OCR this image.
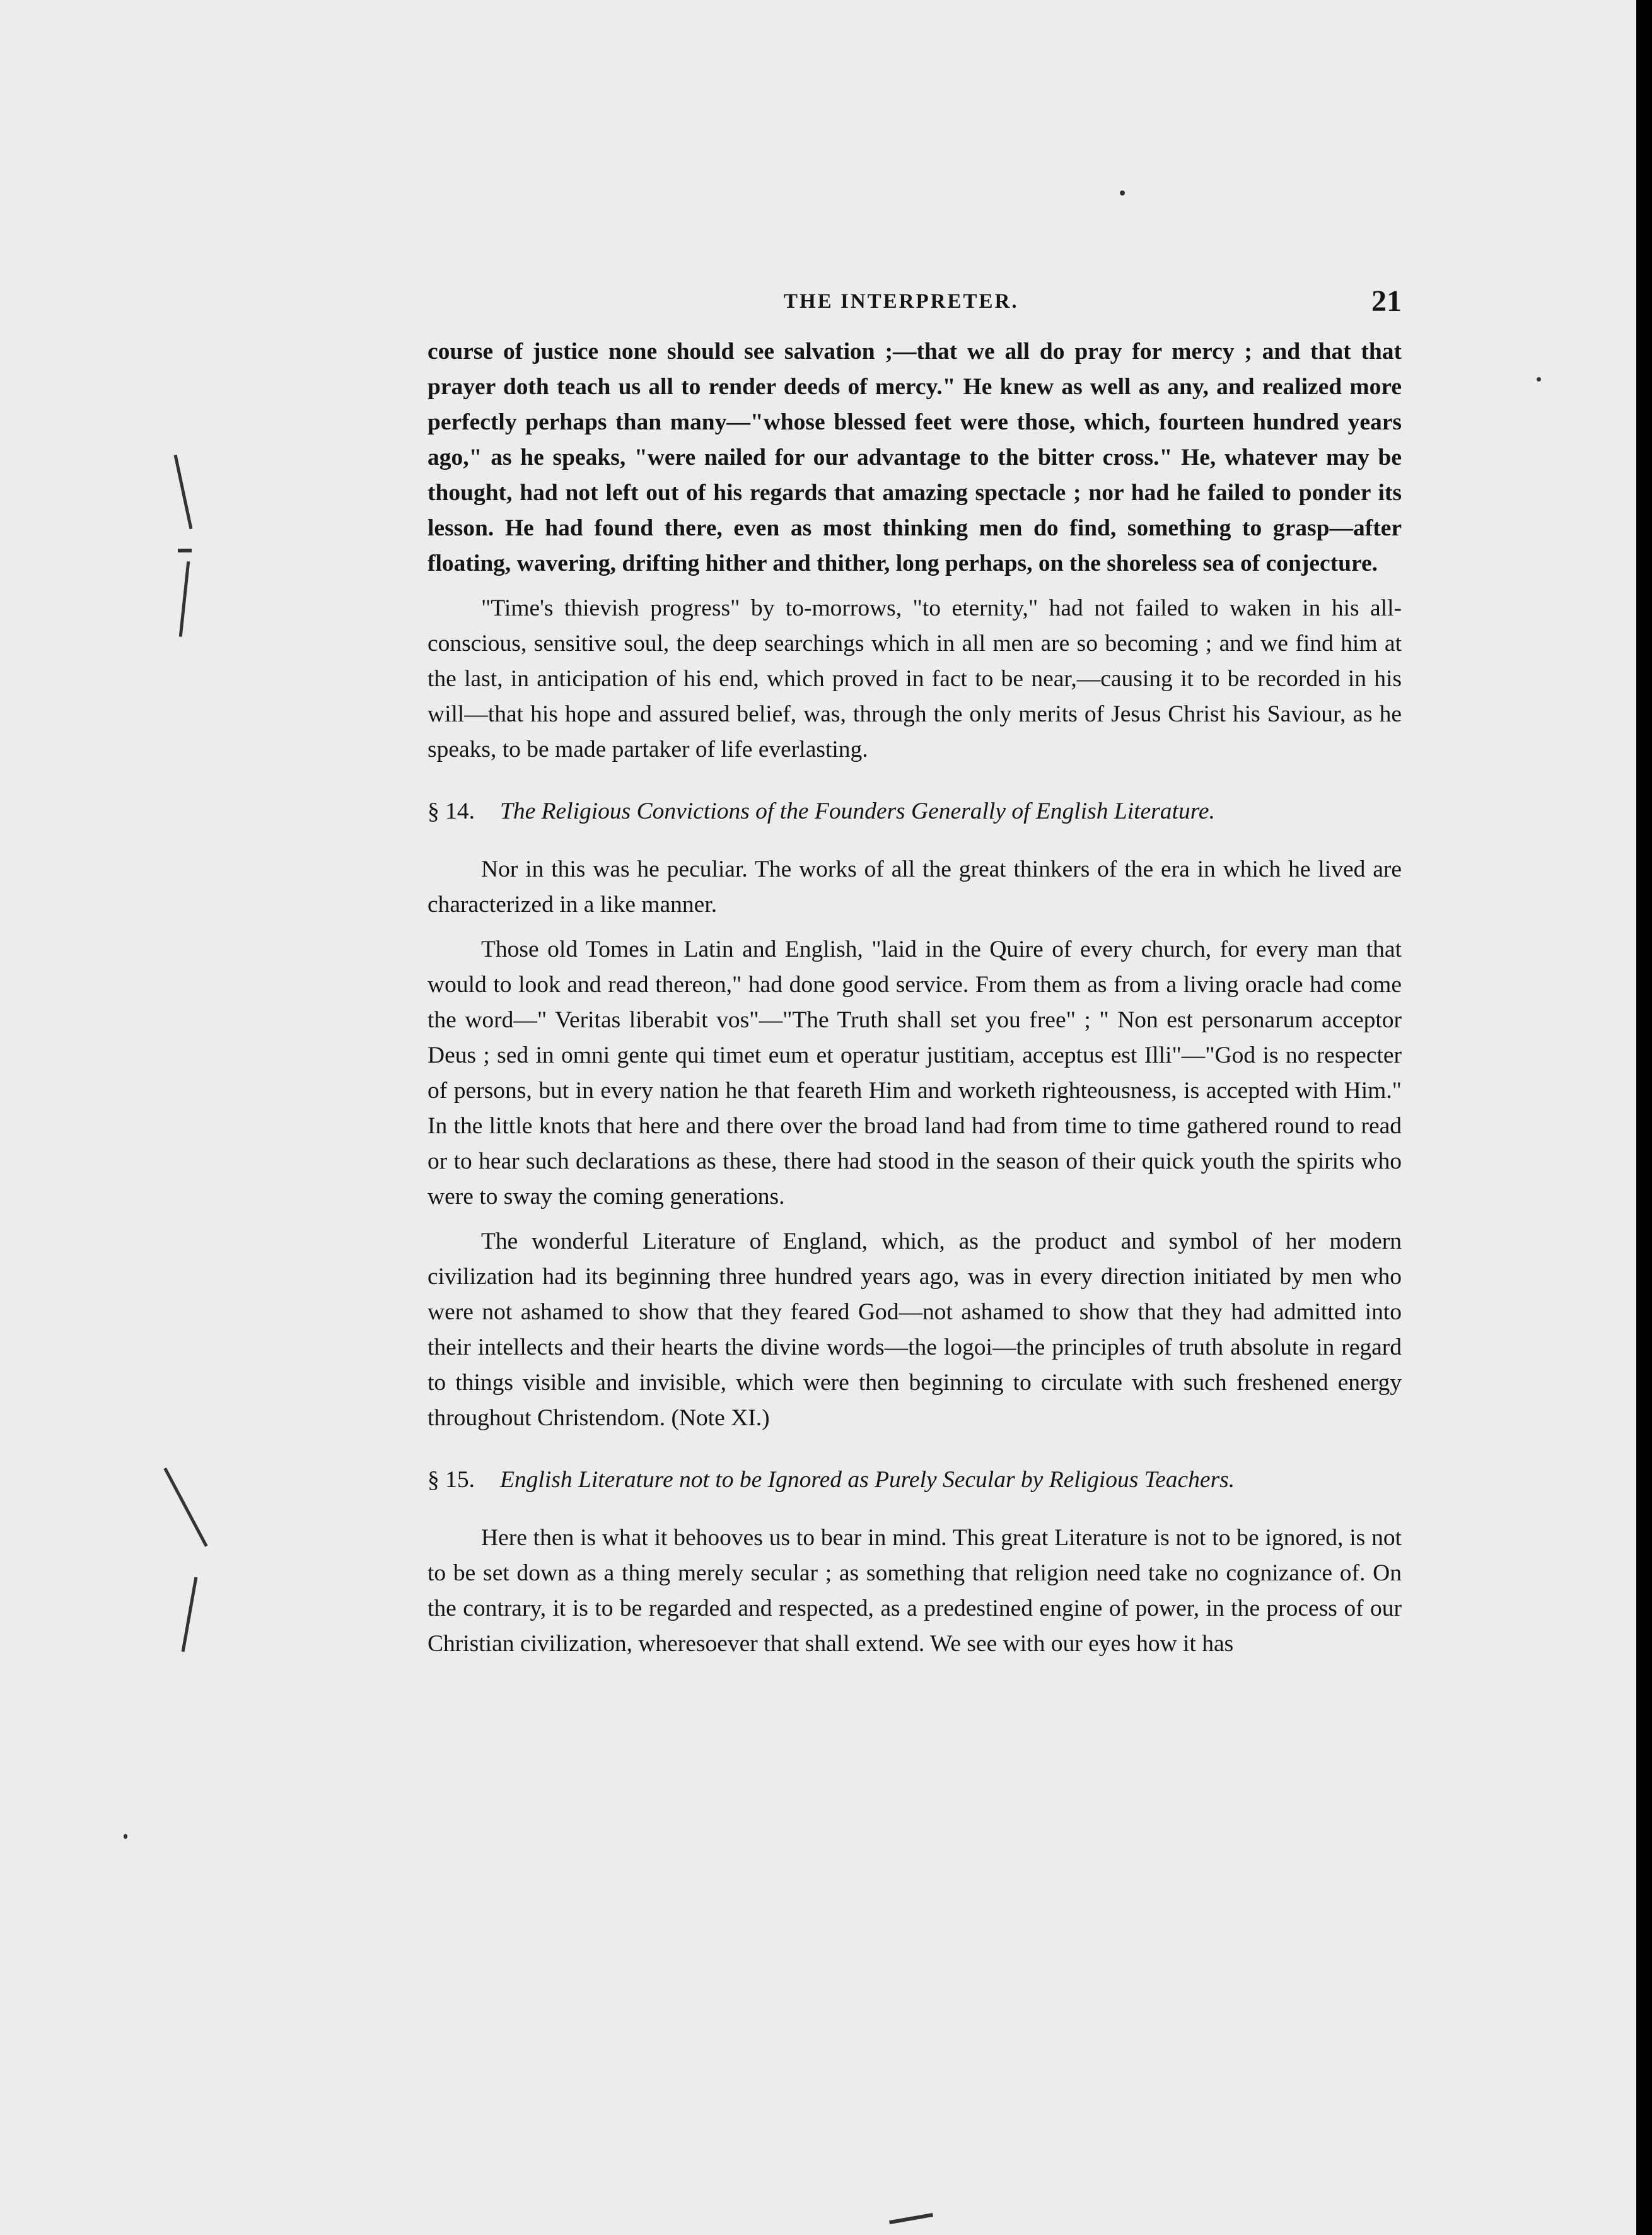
THE INTERPRETER.	21

course of justice none should see salvation ;—that we all do pray for mercy ; and that that prayer doth teach us all to render deeds of mercy." He knew as well as any, and realized more perfectly perhaps than many—"whose blessed feet were those, which, fourteen hundred years ago," as he speaks, "were nailed for our advantage to the bitter cross." He, whatever may be thought, had not left out of his regards that amazing spectacle ; nor had he failed to ponder its lesson. He had found there, even as most thinking men do find, something to grasp—after floating, wavering, drifting hither and thither, long perhaps, on the shoreless sea of conjecture.

"Time's thievish progress" by to-morrows, "to eternity," had not failed to waken in his all-conscious, sensitive soul, the deep searchings which in all men are so becoming ; and we find him at the last, in anticipation of his end, which proved in fact to be near,—causing it to be recorded in his will—that his hope and assured belief, was, through the only merits of Jesus Christ his Saviour, as he speaks, to be made partaker of life everlasting.

§ 14. The Religious Convictions of the Founders Generally of English Literature.

Nor in this was he peculiar. The works of all the great thinkers of the era in which he lived are characterized in a like manner.

Those old Tomes in Latin and English, "laid in the Quire of every church, for every man that would to look and read thereon," had done good service. From them as from a living oracle had come the word—" Veritas liberabit vos"—"The Truth shall set you free" ; " Non est personarum acceptor Deus ; sed in omni gente qui timet eum et operatur justitiam, acceptus est Illi"—"God is no respecter of persons, but in every nation he that feareth Him and worketh righteousness, is accepted with Him." In the little knots that here and there over the broad land had from time to time gathered round to read or to hear such declarations as these, there had stood in the season of their quick youth the spirits who were to sway the coming generations.

The wonderful Literature of England, which, as the product and symbol of her modern civilization had its beginning three hundred years ago, was in every direction initiated by men who were not ashamed to show that they feared God—not ashamed to show that they had admitted into their intellects and their hearts the divine words—the logoi—the principles of truth absolute in regard to things visible and invisible, which were then beginning to circulate with such freshened energy throughout Christendom. (Note XI.)

§ 15. English Literature not to be Ignored as Purely Secular by Religious Teachers.

Here then is what it behooves us to bear in mind. This great Literature is not to be ignored, is not to be set down as a thing merely secular ; as something that religion need take no cognizance of. On the contrary, it is to be regarded and respected, as a predestined engine of power, in the process of our Christian civilization, wheresoever that shall extend. We see with our eyes how it has
